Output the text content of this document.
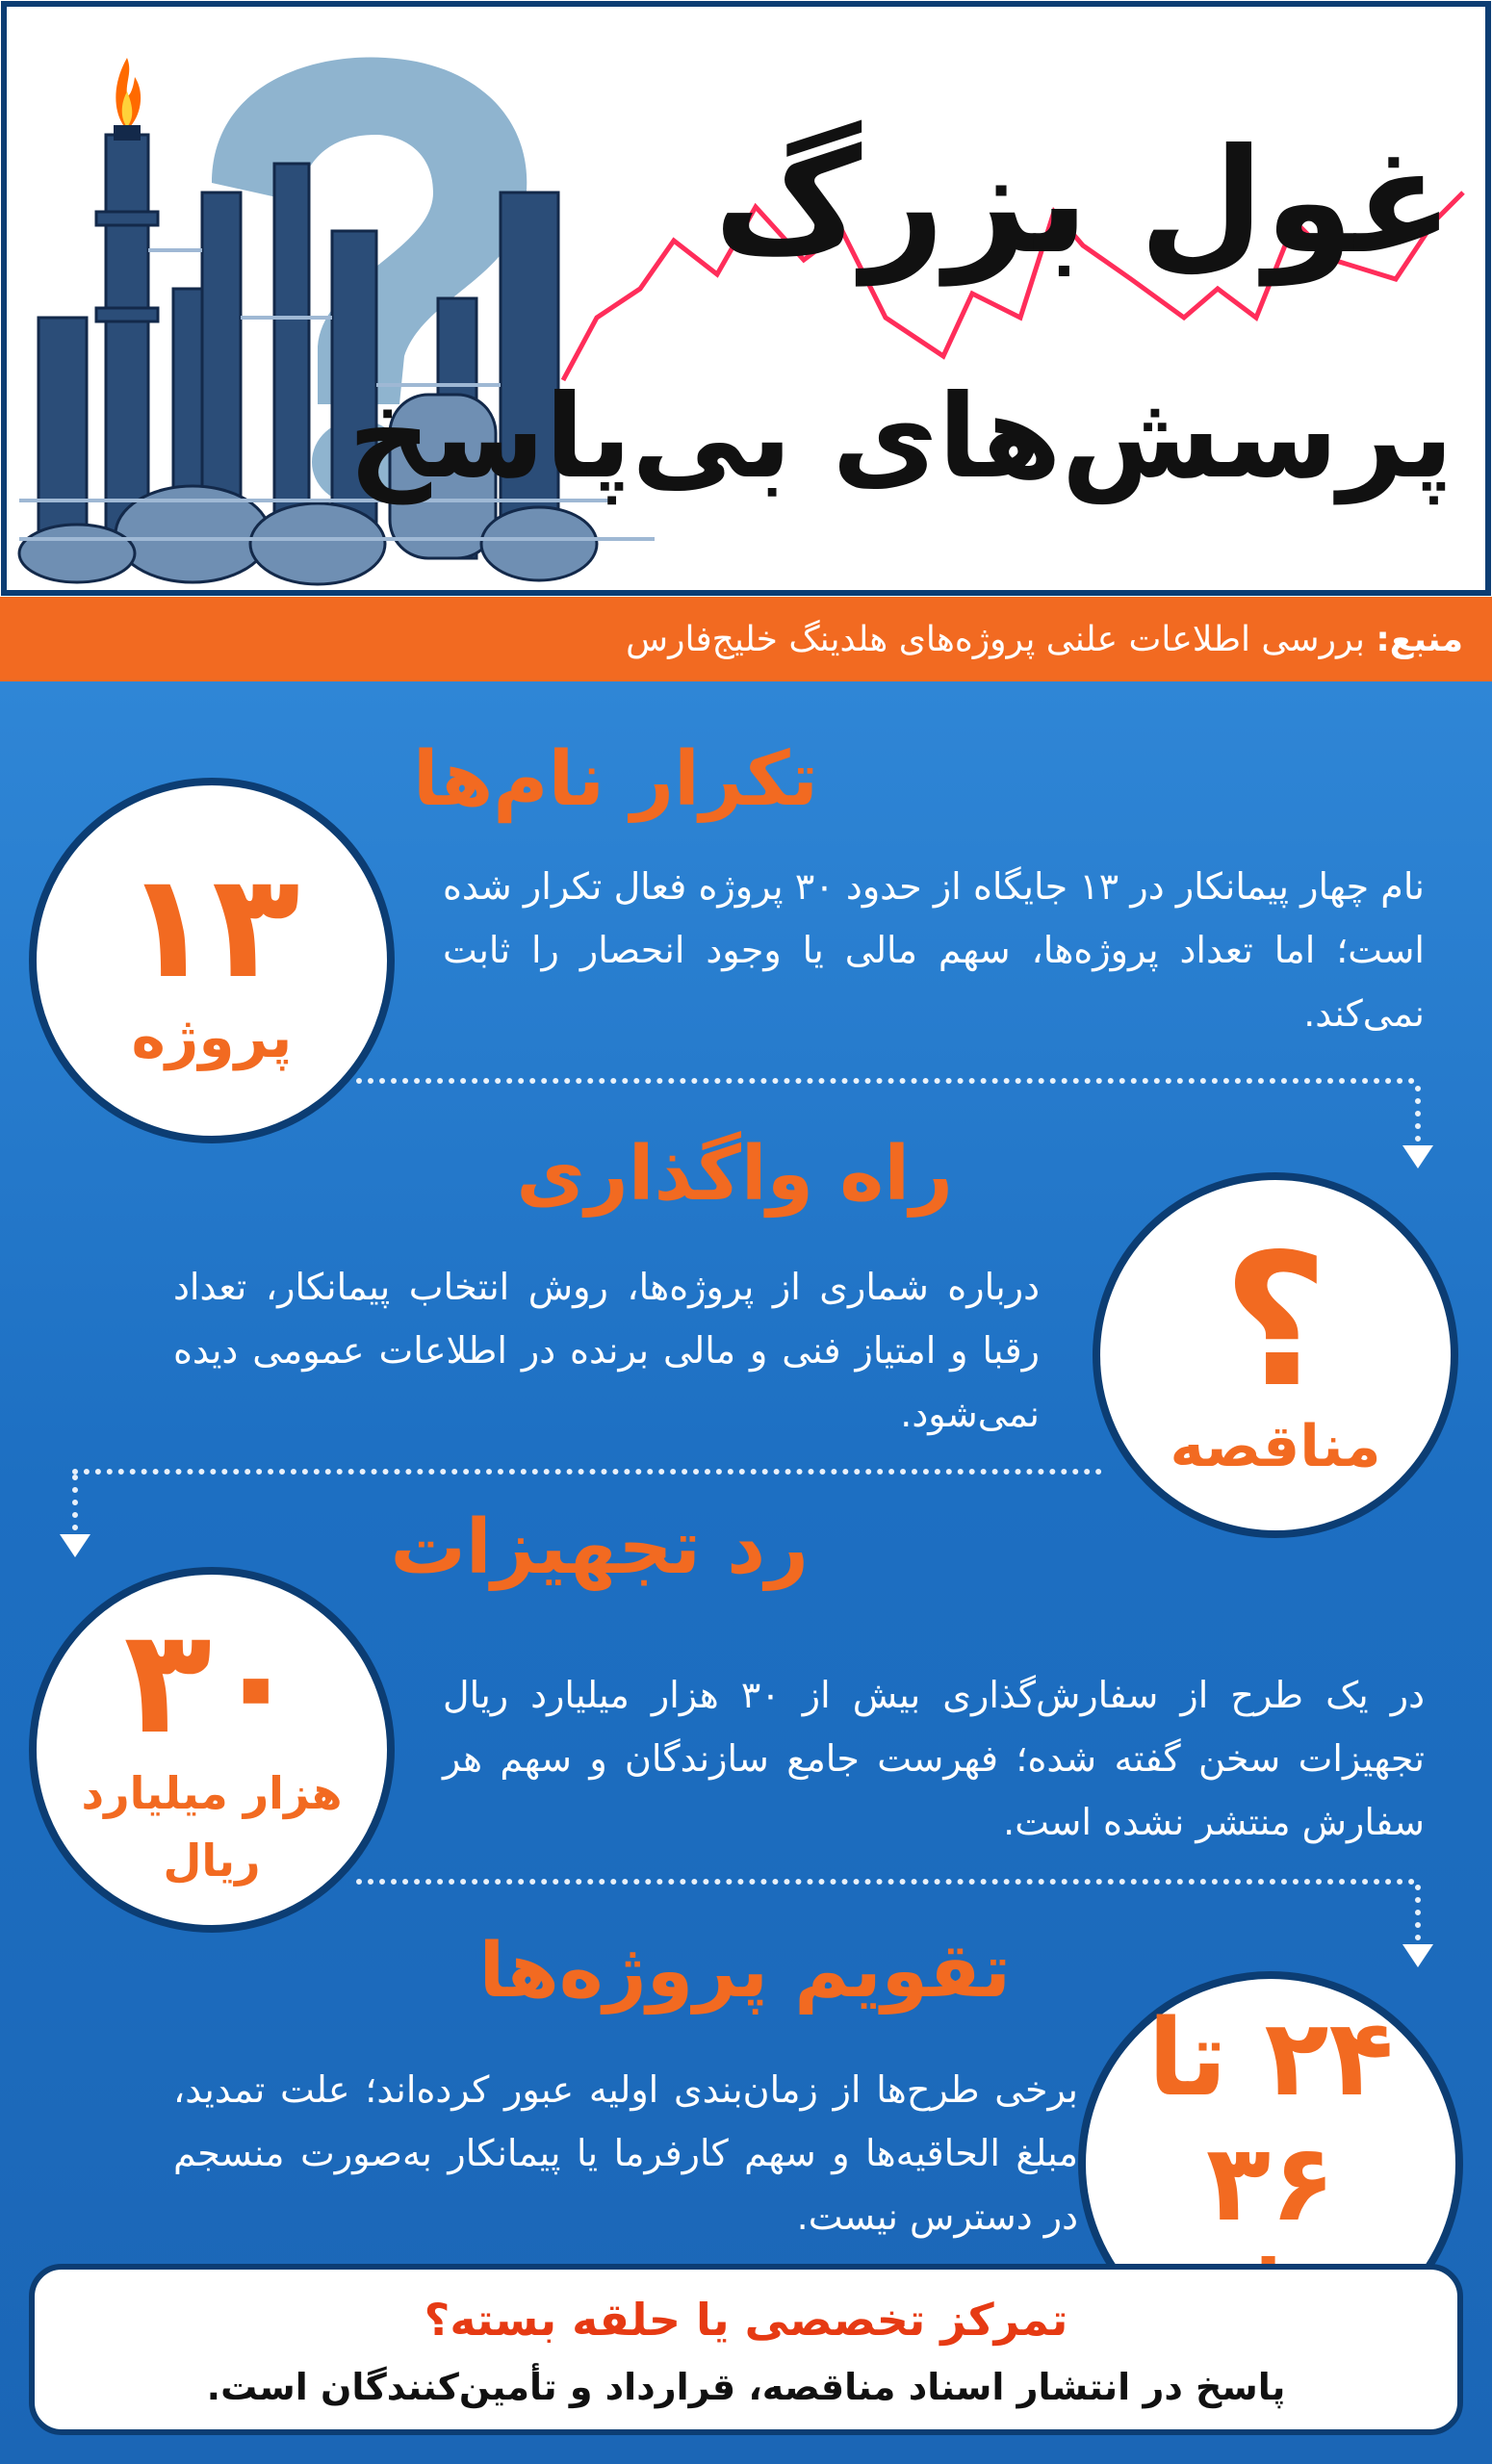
غول بزرگ
پرسش‌های بی‌پاسخ
منبع: بررسی اطلاعات علنی پروژه‌های هلدینگ خلیج‌فارس
تکرار نام‌ها
نام چهار پیمانکار در ۱۳ جایگاه از حدود ۳۰ پروژه فعال تکرار شده است؛ اما تعداد پروژه‌ها، سهم مالی یا وجود انحصار را ثابت نمی‌کند.
۱۳
پروژه
راه واگذاری
درباره شماری از پروژه‌ها، روش انتخاب پیمانکار، تعداد رقبا و امتیاز فنی و مالی برنده در اطلاعات عمومی دیده نمی‌شود. ؟
مناقصه
رد تجهیزات
در یک طرح از سفارش‌گذاری بیش از ۳۰ هزار میلیارد ریال تجهیزات سخن گفته شده؛ فهرست جامع سازندگان و سهم هر سفارش منتشر نشده است.
۳۰
هزار میلیارد ریال
تقویم پروژه‌ها
برخی طرح‌ها از زمان‌بندی اولیه عبور کرده‌اند؛ علت تمدید، مبلغ الحاقیه‌ها و سهم کارفرما یا پیمانکار به‌صورت منسجم در دسترس نیست.
۲۴ تا ۳۶
تمرکز تخصصی یا حلقه بسته؟
پاسخ در انتشار اسناد مناقصه، قرارداد و تأمین‌کنندگان است.
